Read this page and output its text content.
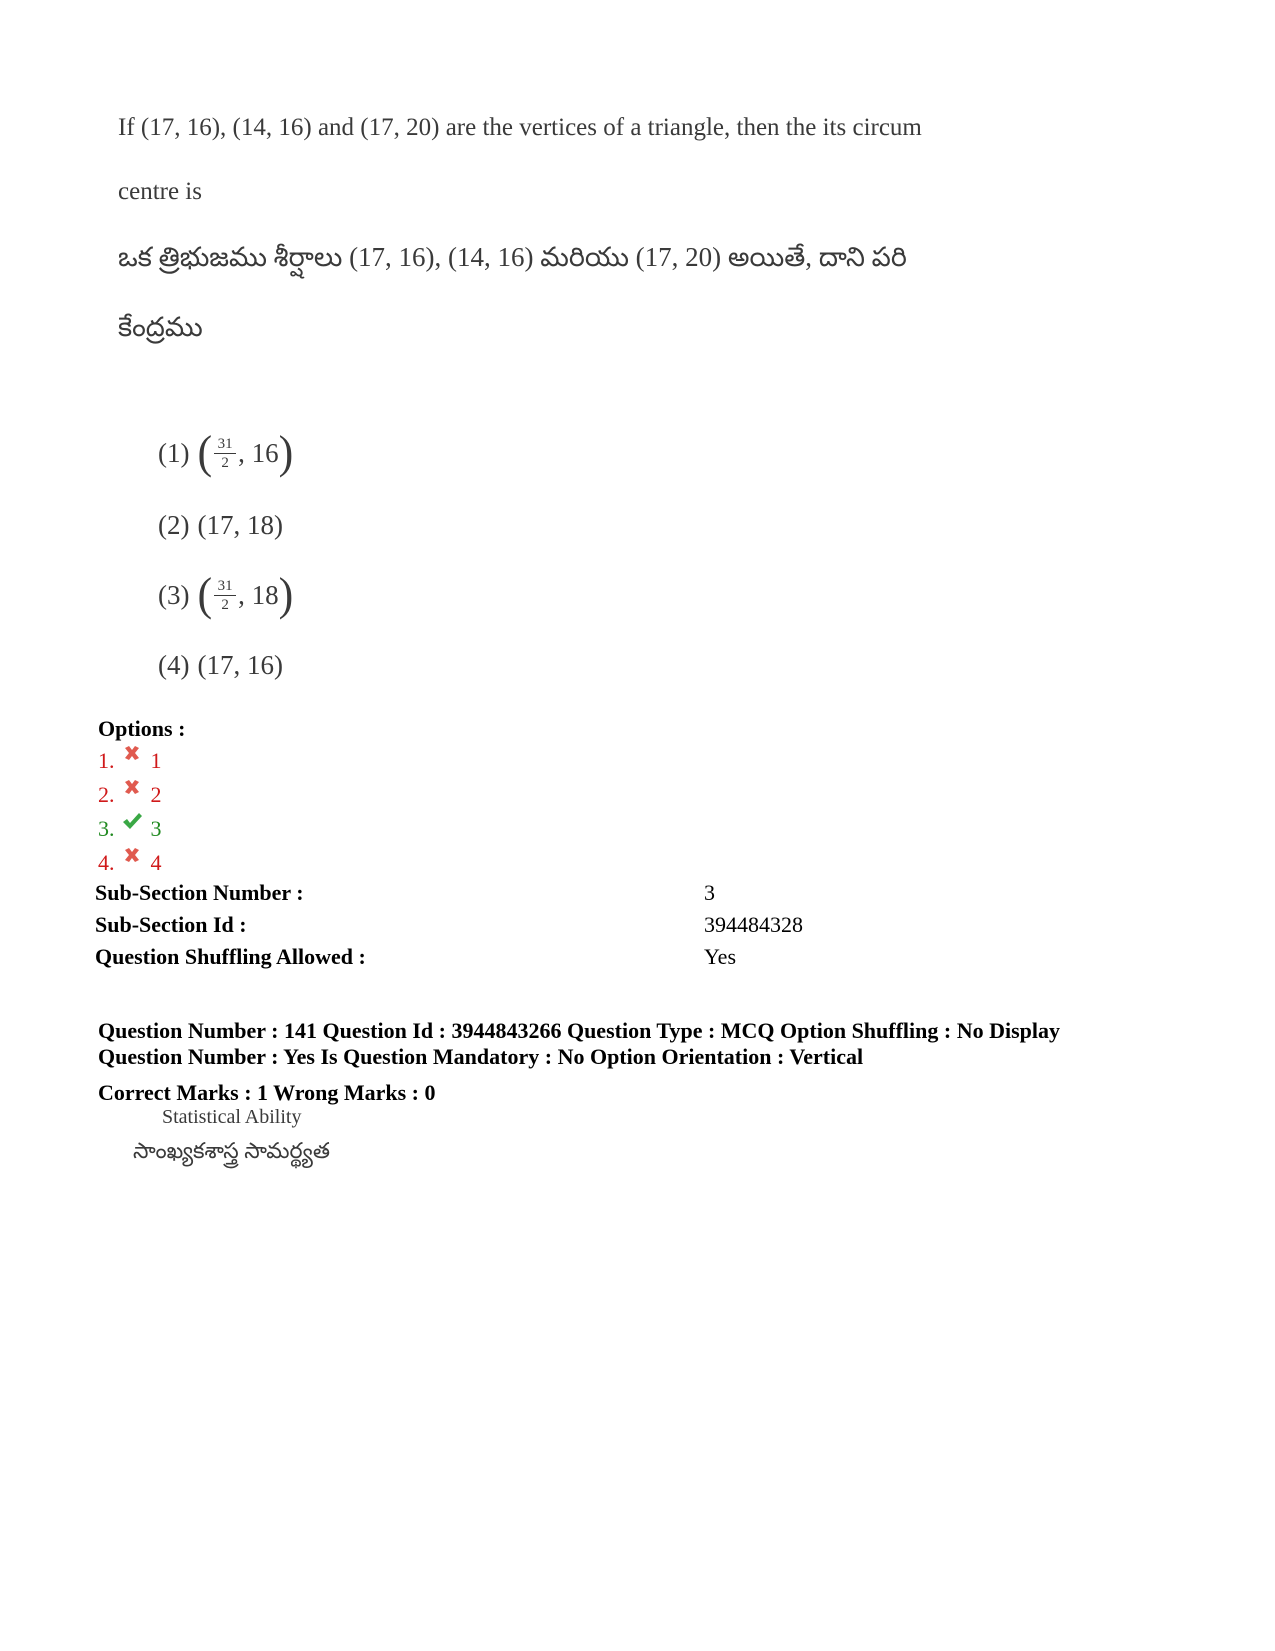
If (17, 16), (14, 16) and (17, 20) are the vertices of a triangle, then the its circum
centre is
ఒక త్రిభుజము శీర్షాలు (17, 16), (14, 16) మరియు (17, 20) అయితే, దాని పరి
కేంద్రము
(1) ( $\frac{31}{2}$ , 16 )
(2) (17, 18)
(3) ( $\frac{31}{2}$ , 18 )
(4) (17, 16)
Options :
1. 1
2. 2
3. 3
4. 4
Sub-Section Number :	3
Sub-Section Id :	394484328
Question Shuffling Allowed :	Yes
Question Number : 141 Question Id : 3944843266 Question Type : MCQ Option Shuffling : No Display
Question Number : Yes Is Question Mandatory : No Option Orientation : Vertical
Correct Marks : 1 Wrong Marks : 0
Statistical Ability
సాంఖ్యకశాస్త్ర సామర్థ్యత
